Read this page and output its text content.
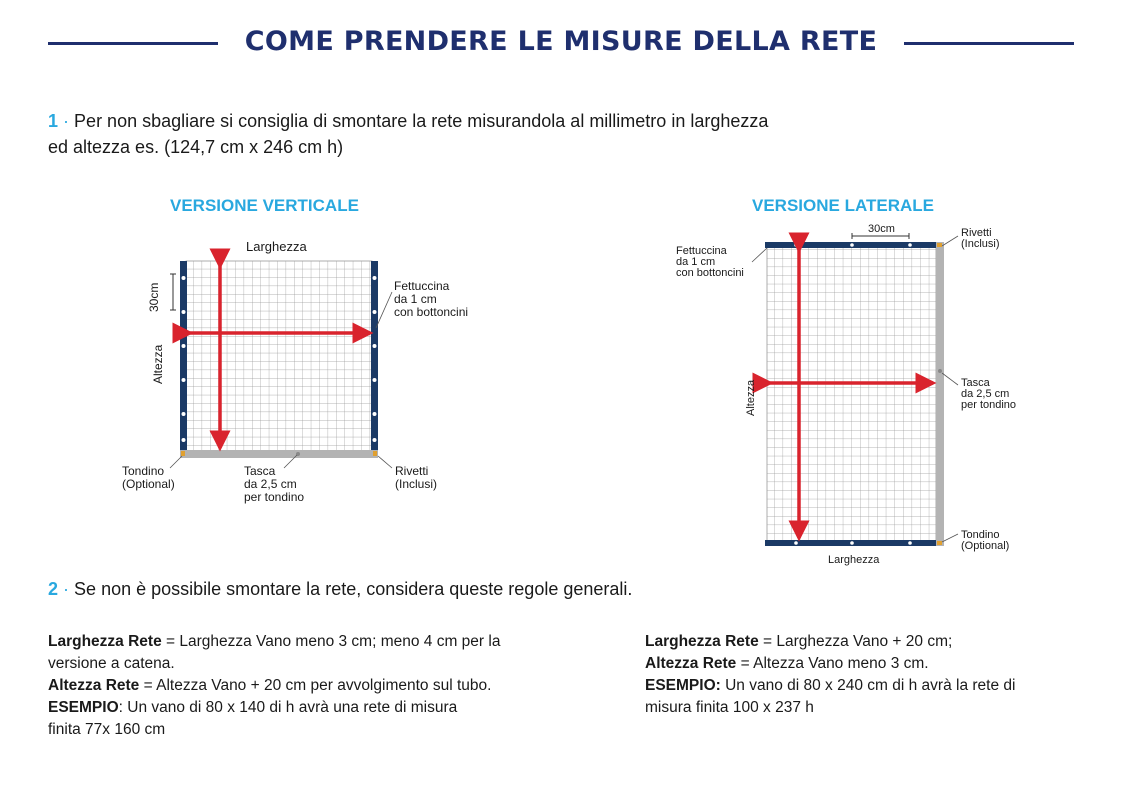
COME PRENDERE LE MISURE DELLA RETE
1 · Per non sbagliare si consiglia di smontare la rete misurandola al millimetro in larghezza
ed altezza es. (124,7 cm x 246 cm h)
VERSIONE VERTICALE	VERSIONE LATERALE
Larghezza
30cm
Altezza
Fettuccina
da 1 cm
con bottoncini
Tondino
(Optional)
Tasca
da 2,5 cm
per tondino
Rivetti
(Inclusi)
30cm	Rivetti
(Inclusi)
Fettuccina
da 1 cm
con bottoncini
Altezza	Tasca
da 2,5 cm
per tondino
Tondino
(Optional)
Larghezza
2 · Se non è possibile smontare la rete, considera queste regole generali.
Larghezza Rete = Larghezza Vano meno 3 cm; meno 4 cm per la
versione a catena.
Altezza Rete = Altezza Vano + 20 cm per avvolgimento sul tubo.
ESEMPIO: Un vano di 80 x 140 di h avrà una rete di misura
finita 77x 160 cm
Larghezza Rete = Larghezza Vano + 20 cm;
Altezza Rete = Altezza Vano meno 3 cm.
ESEMPIO: Un vano di 80 x 240 cm di h avrà la rete di
misura finita 100 x 237 h
